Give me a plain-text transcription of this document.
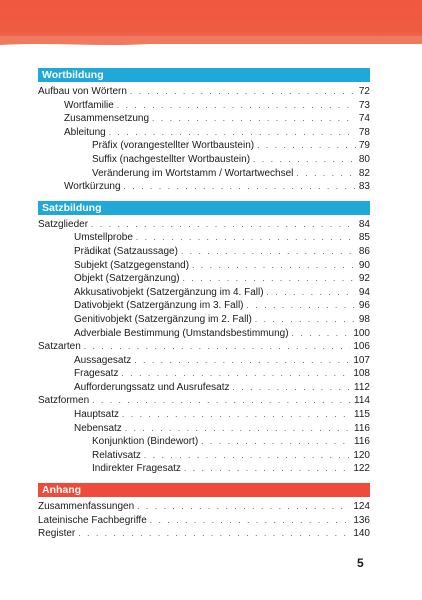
Wortbildung
Aufbau von Wörtern . . .	72
Wortfamilie . . .	73
Zusammensetzung . . .	74
Ableitung . . .	78
Präfix (vorangestellter Wortbaustein) . . .	79
Suffix (nachgestellter Wortbaustein) . . .	80
Veränderung im Wortstamm / Wortartwechsel . . .	82
Wortkürzung . . .	83
Satzbildung
Satzglieder . . .	84
Umstellprobe . . .	85
Prädikat (Satzaussage) . . .	86
Subjekt (Satzgegenstand) . . .	90
Objekt (Satzergänzung) . . .	92
Akkusativobjekt (Satzergänzung im 4. Fall) . . .	94
Dativobjekt (Satzergänzung im 3. Fall) . . .	96
Genitivobjekt (Satzergänzung im 2. Fall) . . .	98
Adverbiale Bestimmung (Umstandsbestimmung) . . .	100
Satzarten . . .	106
Aussagesatz . . .	107
Fragesatz . . .	108
Aufforderungssatz und Ausrufesatz . . .	112
Satzformen . . .	114
Hauptsatz . . .	115
Nebensatz . . .	116
Konjunktion (Bindewort) . . .	116
Relativsatz . . .	120
Indirekter Fragesatz . . .	122
Anhang
Zusammenfassungen . . .	124
Lateinische Fachbegriffe . . .	136
Register . . .	140
5
